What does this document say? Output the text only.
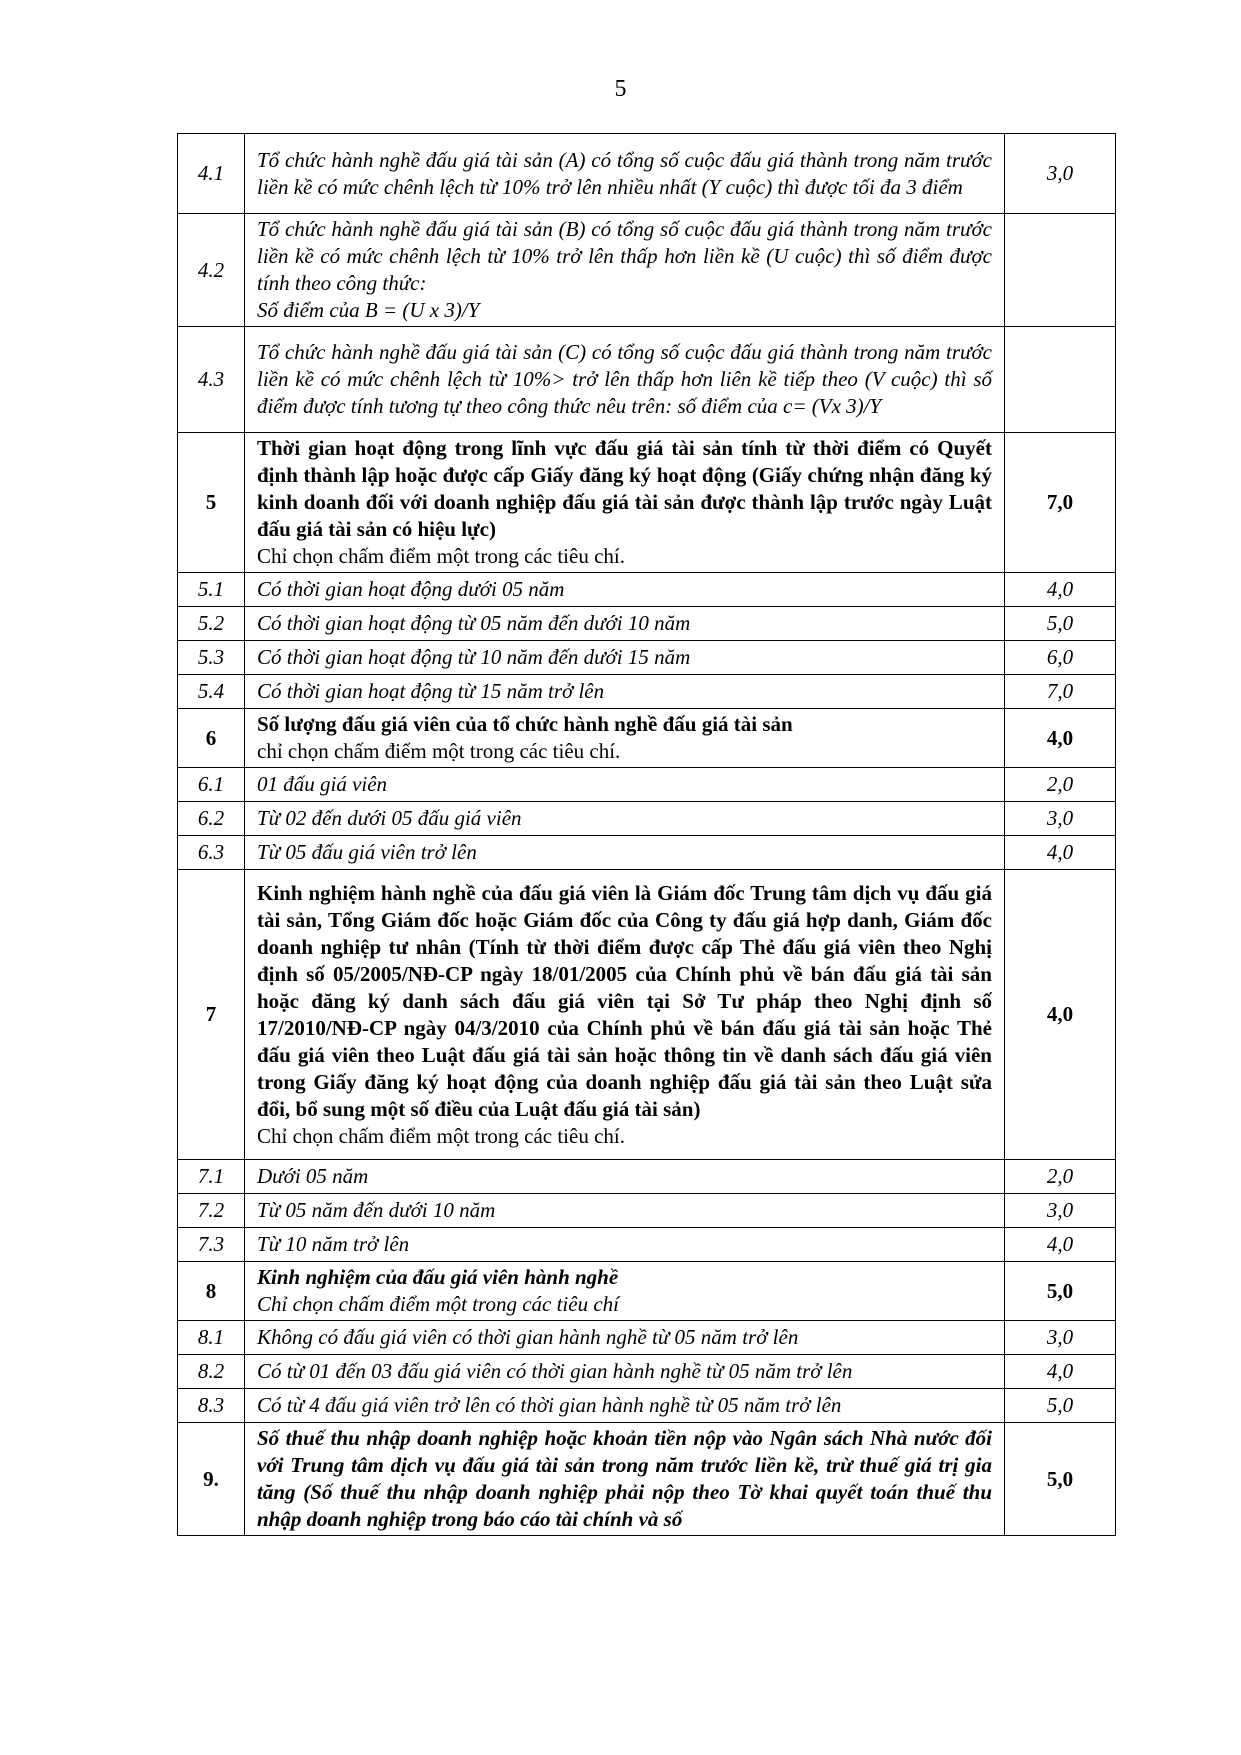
5
4.1	Tổ chức hành nghề đấu giá tài sản (A) có tổng số cuộc đấu giá thành trong năm trước liền kề có mức chênh lệch từ 10% trở lên nhiều nhất (Y cuộc) thì được tối đa 3 điểm	3,0
4.2	Tổ chức hành nghề đấu giá tài sản (B) có tổng số cuộc đấu giá thành trong năm trước liền kề có mức chênh lệch từ 10% trở lên thấp hơn liền kề (U cuộc) thì số điểm được tính theo công thức:
Số điểm của B = (U x 3)/Y	

4.3	Tổ chức hành nghề đấu giá tài sản (C) có tổng số cuộc đấu giá thành trong năm trước liền kề có mức chênh lệch từ 10%> trở lên thấp hơn liên kề tiếp theo (V cuộc) thì số điểm được tính tương tự theo công thức nêu trên: số điểm của c= (Vx 3)/Y	

5	Thời gian hoạt động trong lĩnh vực đấu giá tài sản tính từ thời điểm có Quyết định thành lập hoặc được cấp Giấy đăng ký hoạt động (Giấy chứng nhận đăng ký kinh doanh đối với doanh nghiệp đấu giá tài sản được thành lập trước ngày Luật đấu giá tài sản có hiệu lực)
Chỉ chọn chấm điểm một trong các tiêu chí.	7,0
5.1	Có thời gian hoạt động dưới 05 năm	4,0
5.2	Có thời gian hoạt động từ 05 năm đến dưới 10 năm	5,0
5.3	Có thời gian hoạt động từ 10 năm đến dưới 15 năm	6,0
5.4	Có thời gian hoạt động từ 15 năm trở lên	7,0
6	Số lượng đấu giá viên của tổ chức hành nghề đấu giá tài sản
chỉ chọn chấm điểm một trong các tiêu chí.	4,0
6.1	01 đấu giá viên	2,0
6.2	Từ 02 đến dưới 05 đấu giá viên	3,0
6.3	Từ 05 đấu giá viên trở lên	4,0
7	Kinh nghiệm hành nghề của đấu giá viên là Giám đốc Trung tâm dịch vụ đấu giá tài sản, Tổng Giám đốc hoặc Giám đốc của Công ty đấu giá hợp danh, Giám đốc doanh nghiệp tư nhân (Tính từ thời điểm được cấp Thẻ đấu giá viên theo Nghị định số 05/2005/NĐ-CP ngày 18/01/2005 của Chính phủ về bán đấu giá tài sản hoặc đăng ký danh sách đấu giá viên tại Sở Tư pháp theo Nghị định số 17/2010/NĐ-CP ngày 04/3/2010 của Chính phủ về bán đấu giá tài sản hoặc Thẻ đấu giá viên theo Luật đấu giá tài sản hoặc thông tin về danh sách đấu giá viên trong Giấy đăng ký hoạt động của doanh nghiệp đấu giá tài sản theo Luật sửa đổi, bổ sung một số điều của Luật đấu giá tài sản)
Chỉ chọn chấm điểm một trong các tiêu chí.	4,0
7.1	Dưới 05 năm	2,0
7.2	Từ 05 năm đến dưới 10 năm	3,0
7.3	Từ 10 năm trở lên	4,0
8	Kinh nghiệm của đấu giá viên hành nghề
Chỉ chọn chấm điểm một trong các tiêu chí	5,0
8.1	Không có đấu giá viên có thời gian hành nghề từ 05 năm trở lên	3,0
8.2	Có từ 01 đến 03 đấu giá viên có thời gian hành nghề từ 05 năm trở lên	4,0
8.3	Có từ 4 đấu giá viên trở lên có thời gian hành nghề từ 05 năm trở lên	5,0
9.	Số thuế thu nhập doanh nghiệp hoặc khoản tiền nộp vào Ngân sách Nhà nước đối với Trung tâm dịch vụ đấu giá tài sản trong năm trước liền kề, trừ thuế giá trị gia tăng (Số thuế thu nhập doanh nghiệp phải nộp theo Tờ khai quyết toán thuế thu nhập doanh nghiệp trong báo cáo tài chính và số	5,0
